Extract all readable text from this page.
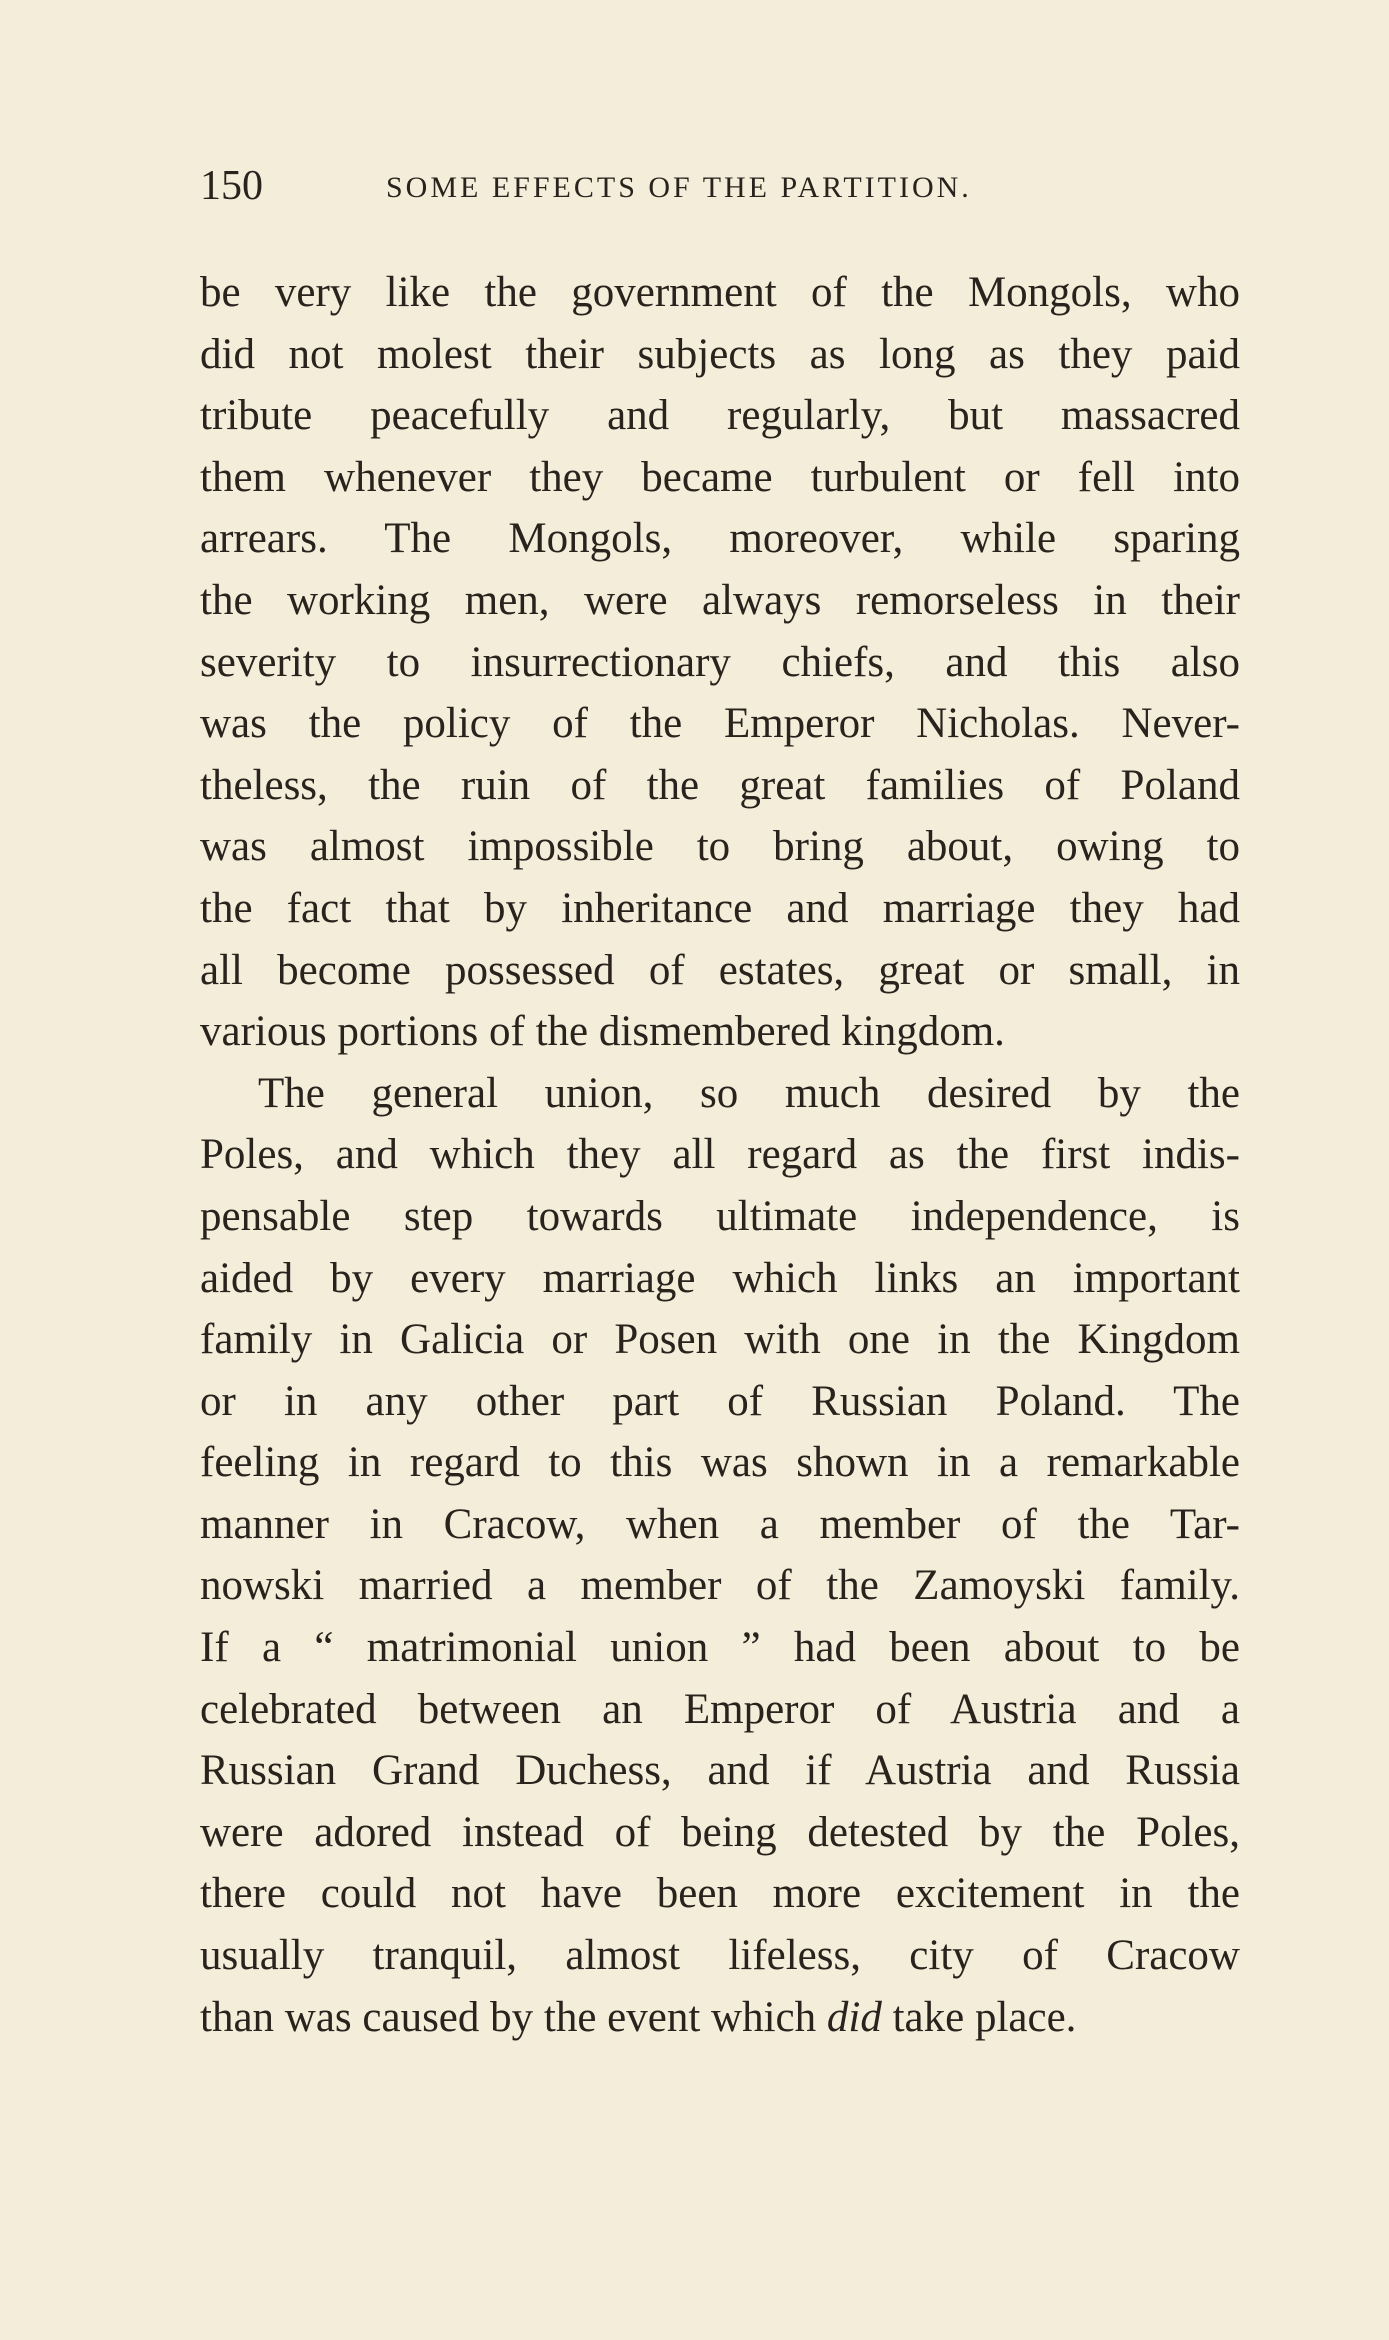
150	SOME EFFECTS OF THE PARTITION.
be very like the government of the Mongols, who
did not molest their subjects as long as they paid
tribute peacefully and regularly, but massacred
them whenever they became turbulent or fell into
arrears. The Mongols, moreover, while sparing
the working men, were always remorseless in their
severity to insurrectionary chiefs, and this also
was the policy of the Emperor Nicholas. Never-
theless, the ruin of the great families of Poland
was almost impossible to bring about, owing to
the fact that by inheritance and marriage they had
all become possessed of estates, great or small, in
various portions of the dismembered kingdom.
The general union, so much desired by the
Poles, and which they all regard as the first indis-
pensable step towards ultimate independence, is
aided by every marriage which links an important
family in Galicia or Posen with one in the Kingdom
or in any other part of Russian Poland. The
feeling in regard to this was shown in a remarkable
manner in Cracow, when a member of the Tar-
nowski married a member of the Zamoyski family.
If a “ matrimonial union ” had been about to be
celebrated between an Emperor of Austria and a
Russian Grand Duchess, and if Austria and Russia
were adored instead of being detested by the Poles,
there could not have been more excitement in the
usually tranquil, almost lifeless, city of Cracow
than was caused by the event which did take place.
